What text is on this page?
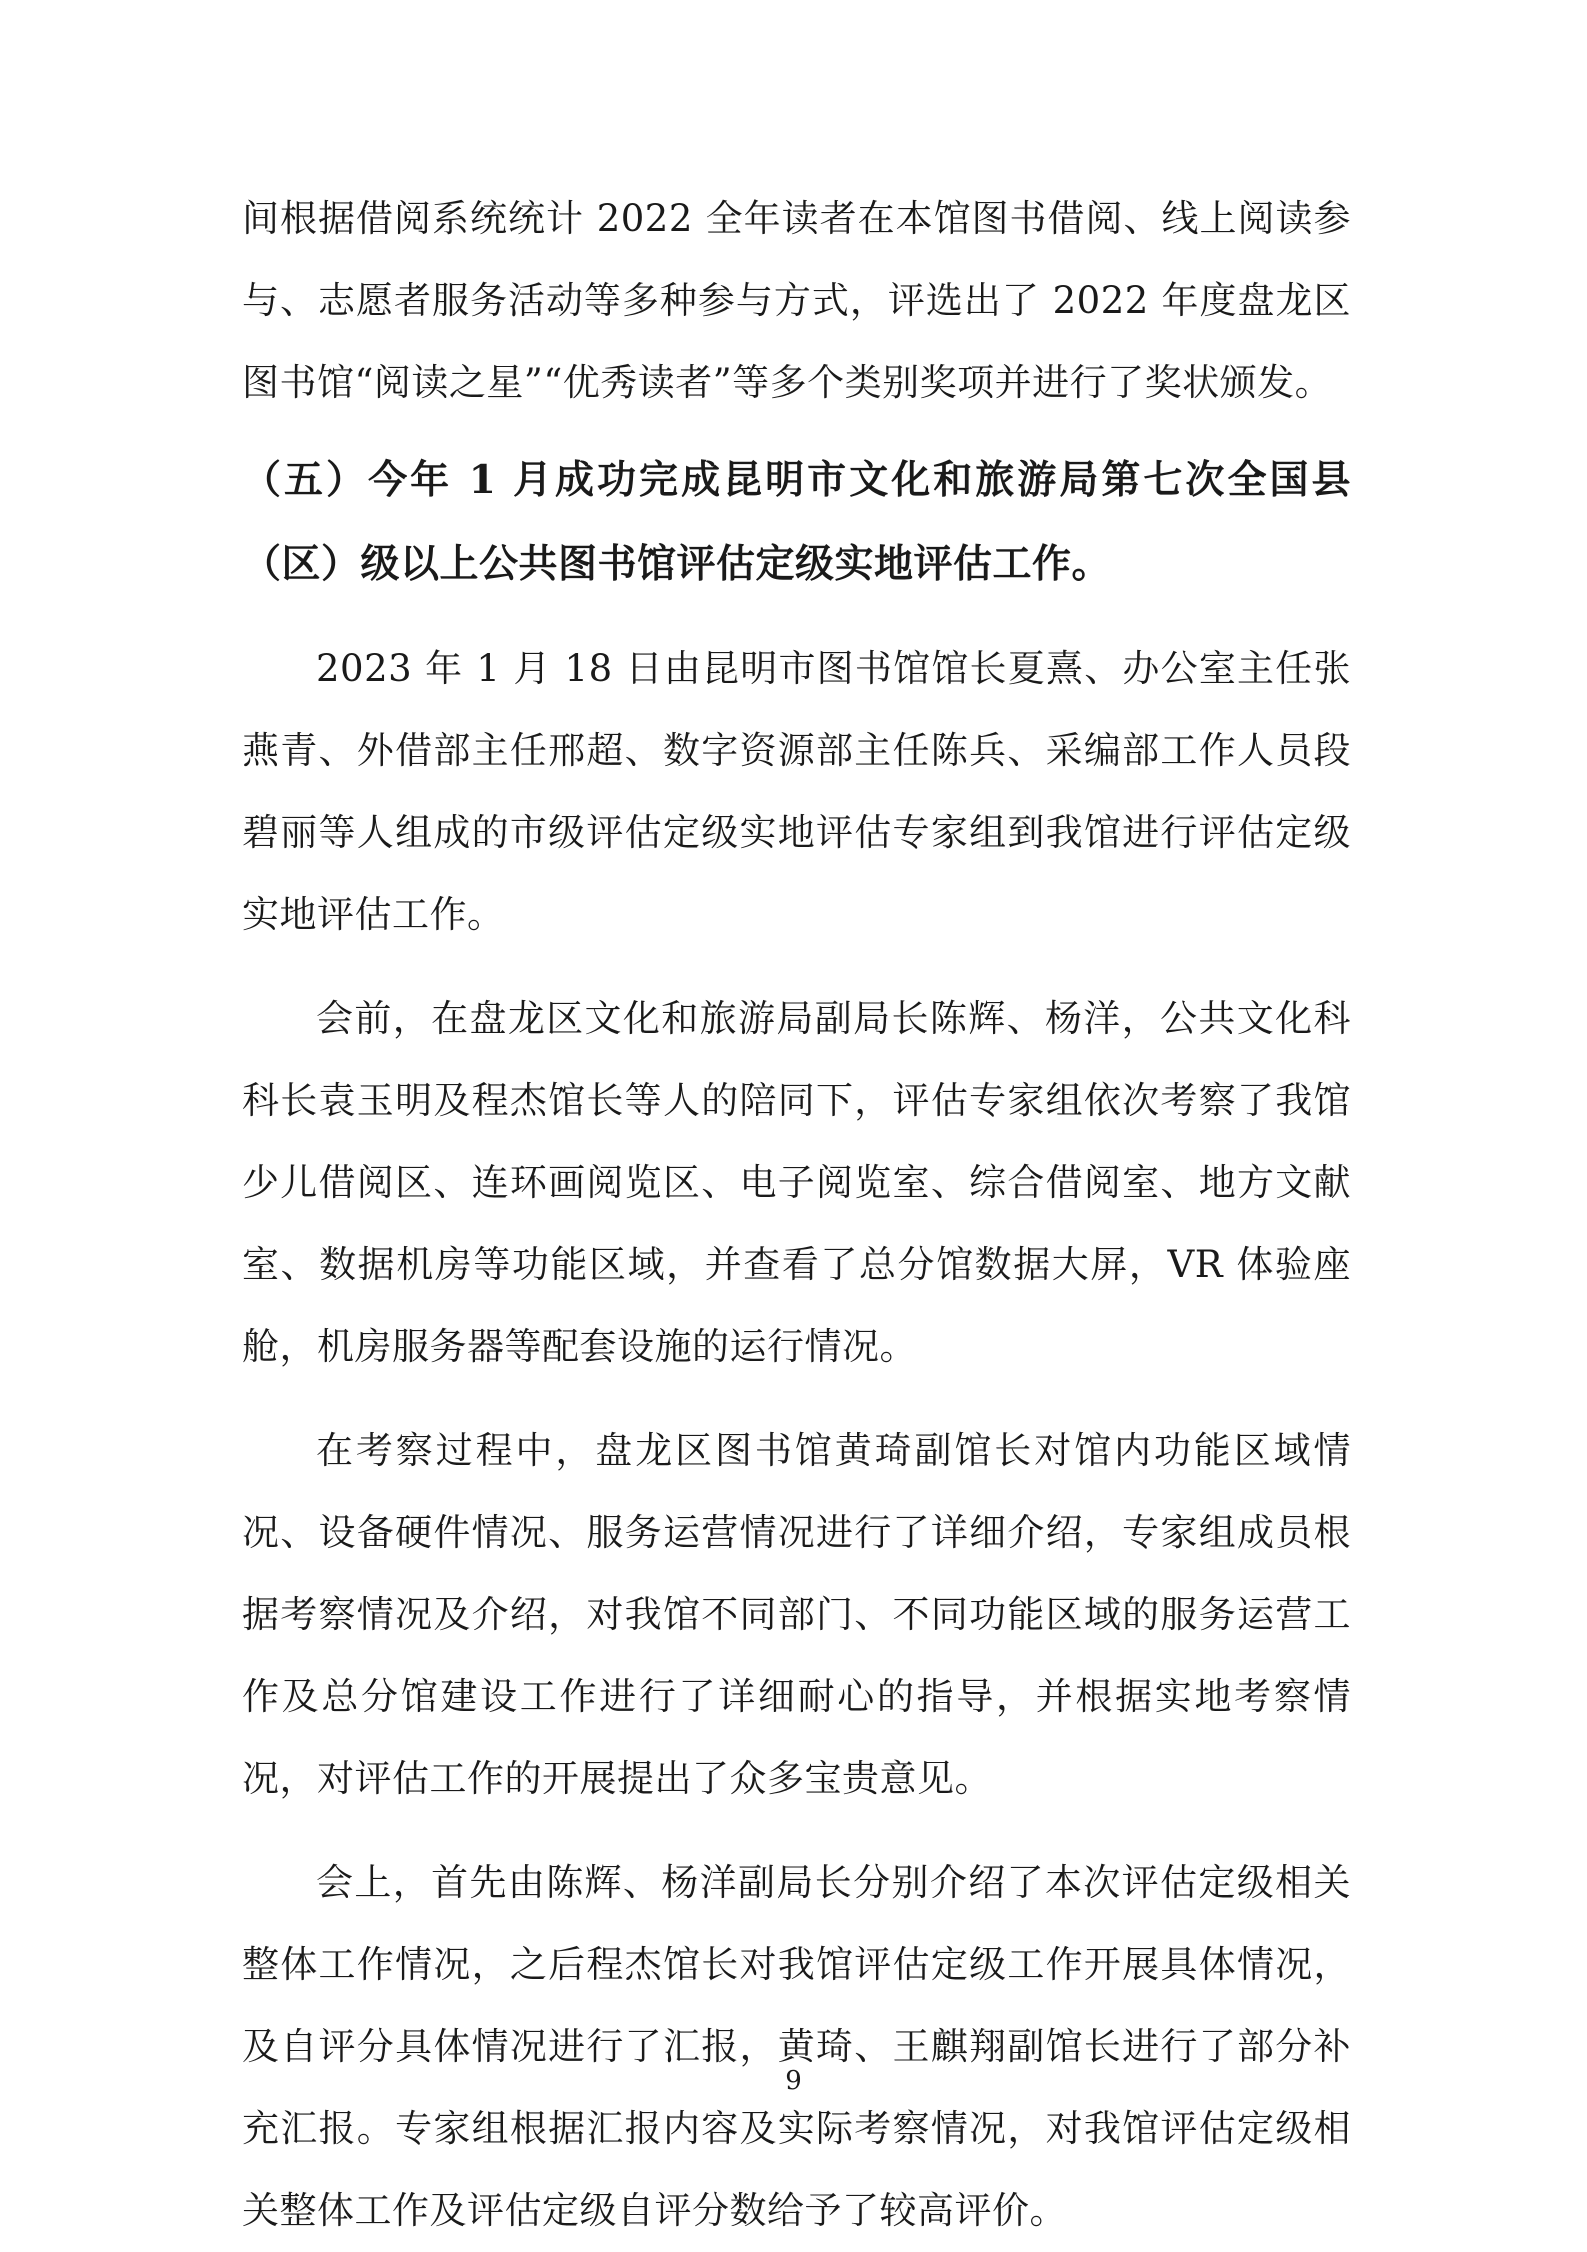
间根据借阅系统统计 2022 全年读者在本馆图书借阅、线上阅读参与、志愿者服务活动等多种参与方式，评选出了 2022 年度盘龙区图书馆“阅读之星”“优秀读者”等多个类别奖项并进行了奖状颁发。

（五）今年 1 月成功完成昆明市文化和旅游局第七次全国县（区）级以上公共图书馆评估定级实地评估工作。

2023 年 1 月 18 日由昆明市图书馆馆长夏熹、办公室主任张燕青、外借部主任邢超、数字资源部主任陈兵、采编部工作人员段碧丽等人组成的市级评估定级实地评估专家组到我馆进行评估定级实地评估工作。

会前，在盘龙区文化和旅游局副局长陈辉、杨洋，公共文化科科长袁玉明及程杰馆长等人的陪同下，评估专家组依次考察了我馆少儿借阅区、连环画阅览区、电子阅览室、综合借阅室、地方文献室、数据机房等功能区域，并查看了总分馆数据大屏，VR 体验座舱，机房服务器等配套设施的运行情况。

在考察过程中，盘龙区图书馆黄琦副馆长对馆内功能区域情况、设备硬件情况、服务运营情况进行了详细介绍，专家组成员根据考察情况及介绍，对我馆不同部门、不同功能区域的服务运营工作及总分馆建设工作进行了详细耐心的指导，并根据实地考察情况，对评估工作的开展提出了众多宝贵意见。

会上，首先由陈辉、杨洋副局长分别介绍了本次评估定级相关整体工作情况，之后程杰馆长对我馆评估定级工作开展具体情况，及自评分具体情况进行了汇报，黄琦、王麒翔副馆长进行了部分补充汇报。专家组根据汇报内容及实际考察情况，对我馆评估定级相关整体工作及评估定级自评分数给予了较高评价。

9
